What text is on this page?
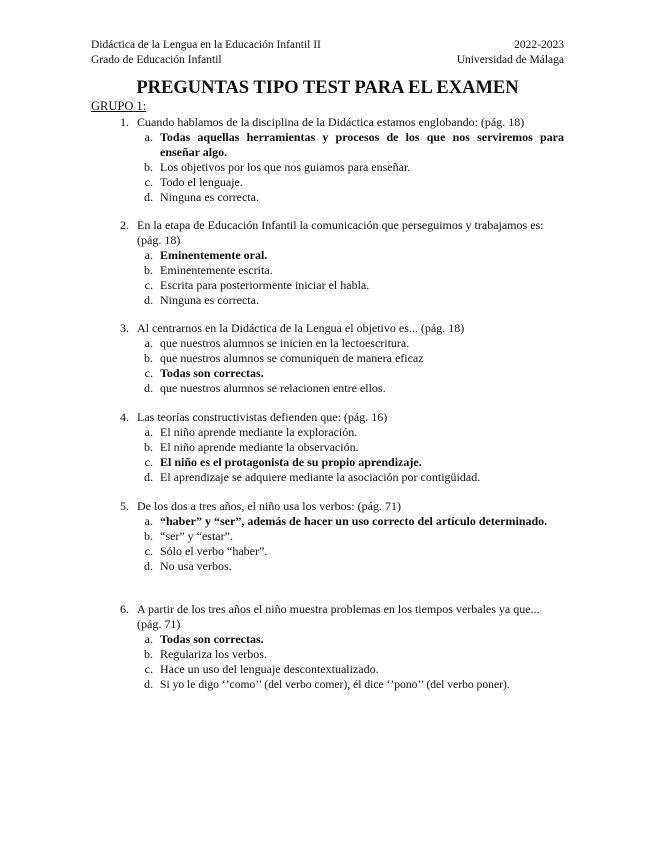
Didáctica de la Lengua en la Educación Infantil II	2022-2023
Grado de Educación Infantil	Universidad de Málaga
PREGUNTAS TIPO TEST PARA EL EXAMEN
GRUPO 1:
1. Cuando hablamos de la disciplina de la Didáctica estamos englobando: (pág. 18)
a. Todas aquellas herramientas y procesos de los que nos serviremos para enseñar algo.
b. Los objetivos por los que nos guiamos para enseñar.
c. Todo el lenguaje.
d. Ninguna es correcta.
2. En la etapa de Educación Infantil la comunicación que perseguimos y trabajamos es: (pág. 18)
a. Eminentemente oral.
b. Eminentemente escrita.
c. Escrita para posteriormente iniciar el habla.
d. Ninguna es correcta.
3. Al centrarnos en la Didáctica de la Lengua el objetivo es... (pág. 18)
a. que nuestros alumnos se inicien en la lectoescritura.
b. que nuestros alumnos se comuniquen de manera eficaz
c. Todas son correctas.
d. que nuestros alumnos se relacionen entre ellos.
4. Las teorías constructivistas defienden que: (pág. 16)
a. El niño aprende mediante la exploración.
b. El niño aprende mediante la observación.
c. El niño es el protagonista de su propio aprendizaje.
d. El aprendizaje se adquiere mediante la asociación por contigüidad.
5. De los dos a tres años, el niño usa los verbos: (pág. 71)
a. “haber” y “ser”, además de hacer un uso correcto del artículo determinado.
b. “ser” y “estar”.
c. Sólo el verbo “haber”.
d. No usa verbos.
6. A partir de los tres años el niño muestra problemas en los tiempos verbales ya que... (pág. 71)
a. Todas son correctas.
b. Regulariza los verbos.
c. Hace un uso del lenguaje descontextualizado.
d. Si yo le digo ‘’como’’ (del verbo comer), él dice ‘’pono’’ (del verbo poner).
